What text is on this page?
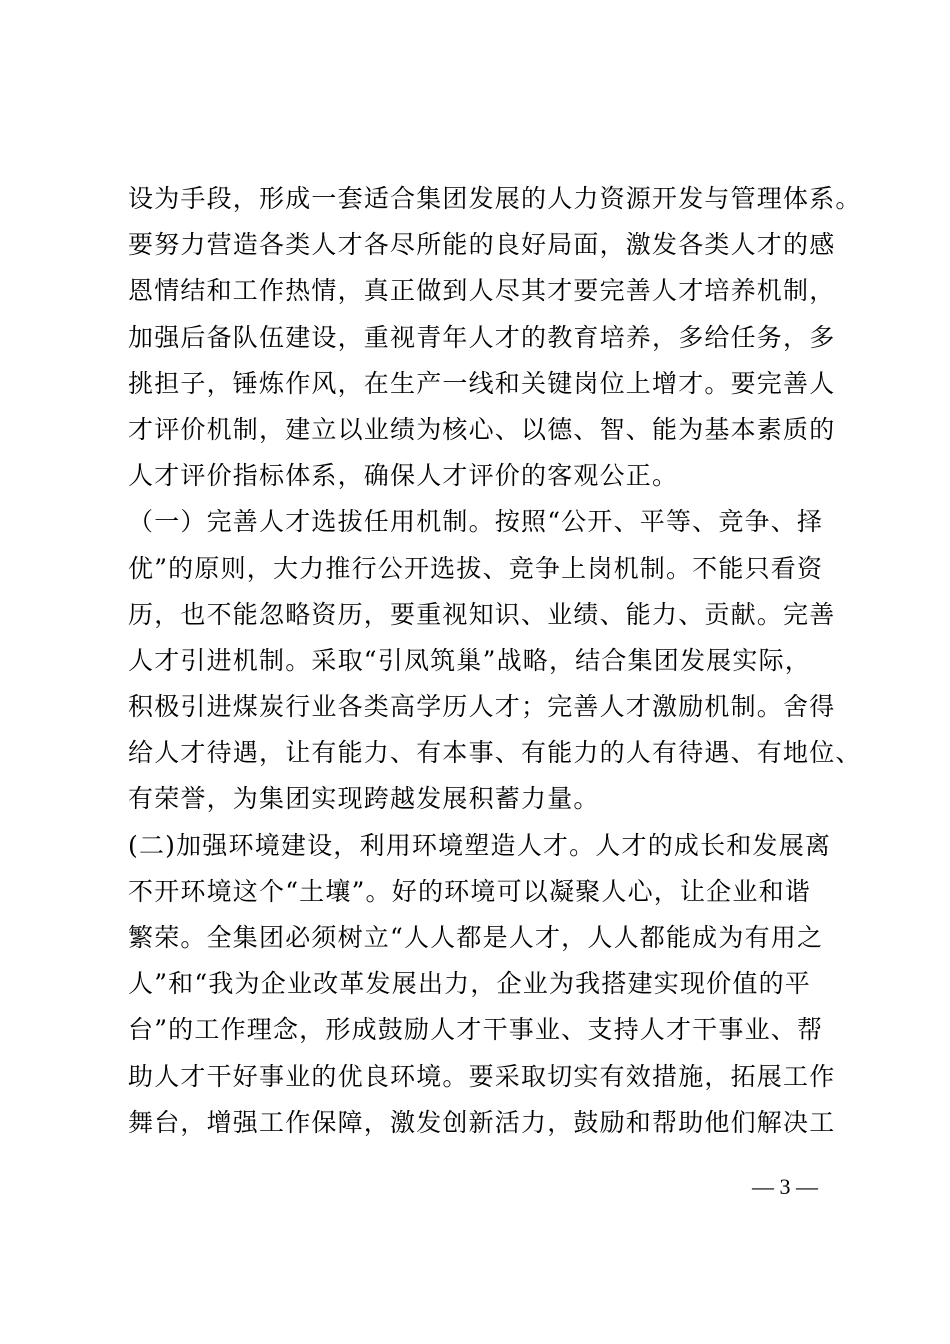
设为手段，形成一套适合集团发展的人力资源开发与管理体系。
要努力营造各类人才各尽所能的良好局面，激发各类人才的感
恩情结和工作热情，真正做到人尽其才要完善人才培养机制，
加强后备队伍建设，重视青年人才的教育培养，多给任务，多
挑担子，锤炼作风，在生产一线和关键岗位上增才。要完善人
才评价机制，建立以业绩为核心、以德、智、能为基本素质的
人才评价指标体系，确保人才评价的客观公正。
（一）完善人才选拔任用机制。按照“公开、平等、竞争、择
优”的原则，大力推行公开选拔、竞争上岗机制。不能只看资
历，也不能忽略资历，要重视知识、业绩、能力、贡献。完善
人才引进机制。采取“引凤筑巢”战略，结合集团发展实际，
积极引进煤炭行业各类高学历人才；完善人才激励机制。舍得
给人才待遇，让有能力、有本事、有能力的人有待遇、有地位、
有荣誉，为集团实现跨越发展积蓄力量。
(二)加强环境建设，利用环境塑造人才。人才的成长和发展离
不开环境这个“土壤”。好的环境可以凝聚人心，让企业和谐
繁荣。全集团必须树立“人人都是人才，人人都能成为有用之
人”和“我为企业改革发展出力，企业为我搭建实现价值的平
台”的工作理念，形成鼓励人才干事业、支持人才干事业、帮
助人才干好事业的优良环境。要采取切实有效措施，拓展工作
舞台，增强工作保障，激发创新活力，鼓励和帮助他们解决工
— 3 —
